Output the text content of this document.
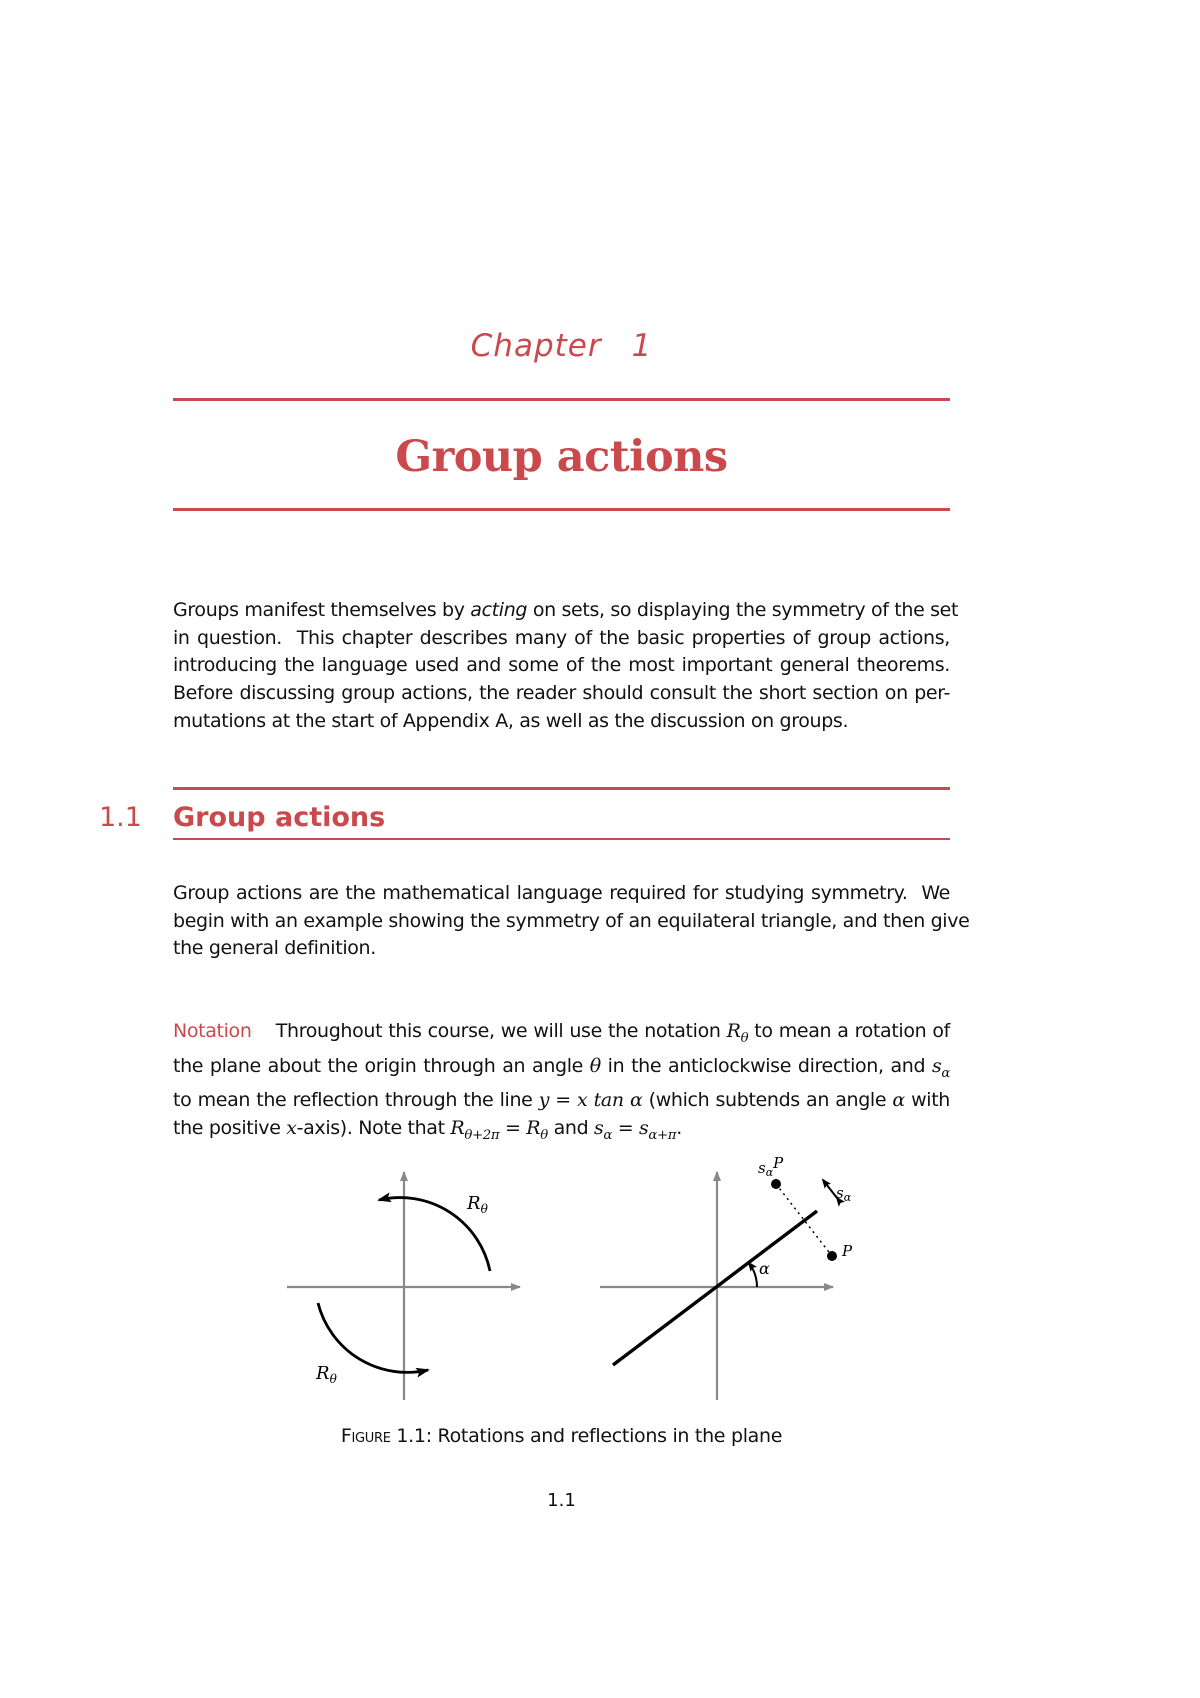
Chapter 1
Group actions
Groups manifest themselves by acting on sets, so displaying the symmetry of the set
in question.  This chapter describes many of the basic properties of group actions,
introducing the language used and some of the most important general theorems.
Before discussing group actions, the reader should consult the short section on per-
mutations at the start of Appendix A, as well as the discussion on groups.
1.1 Group actions
Group actions are the mathematical language required for studying symmetry.  We
begin with an example showing the symmetry of an equilateral triangle, and then give
the general definition.
Notation Throughout this course, we will use the notation $R_\theta$ to mean a rotation of
the plane about the origin through an angle θ in the anticlockwise direction, and $s_\alpha$
to mean the reflection through the line y = x tan α (which subtends an angle α with
the positive x-axis). Note that $R_{\theta+2\pi} = R_\theta$ and $s_\alpha = s_{\alpha+\pi}$.
$R_\theta$
$R_\theta$
$s_\alpha P$
$s_\alpha$
P
α
Figure 1.1: Rotations and reflections in the plane
1.1
